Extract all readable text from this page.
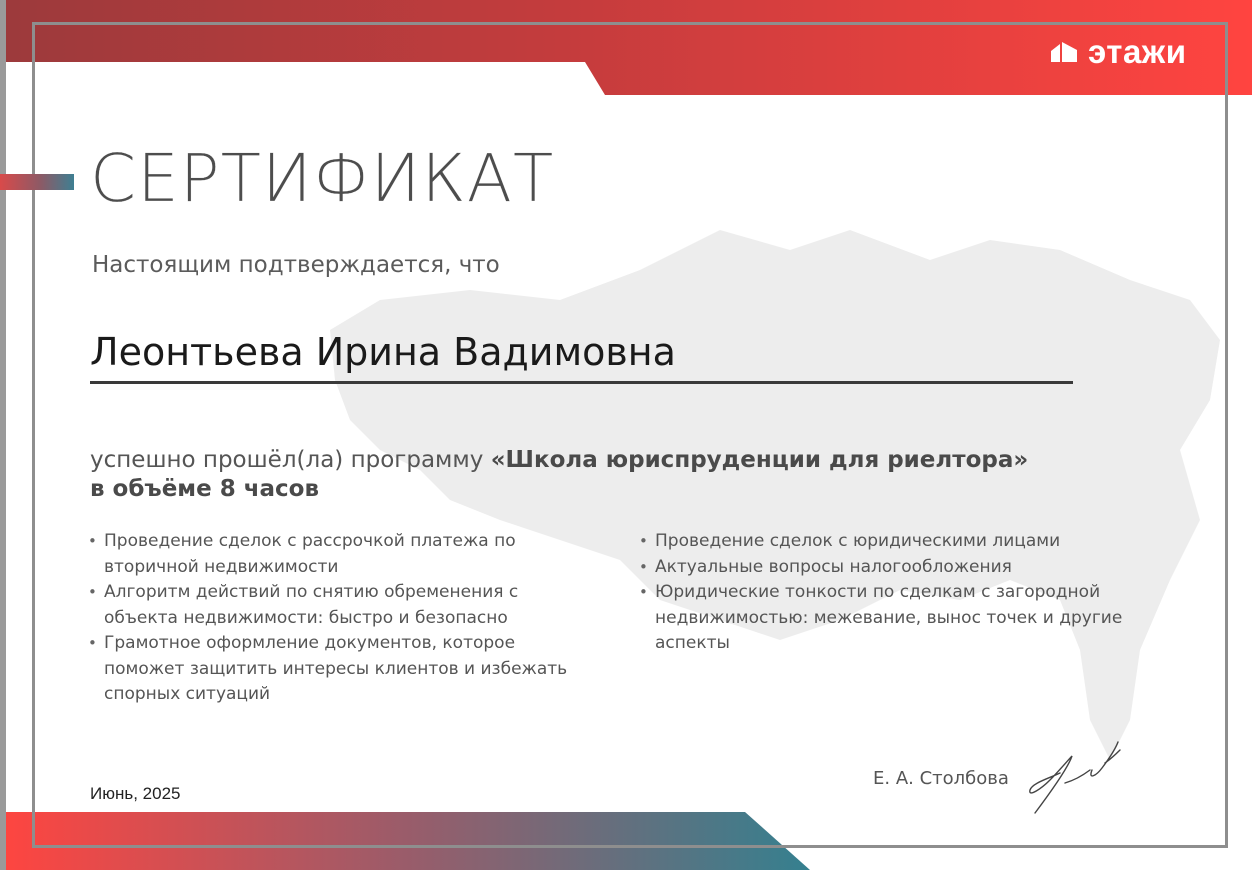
этажи
СЕРТИФИКАТ
Настоящим подтверждается, что
Леонтьева Ирина Вадимовна
успешно прошёл(ла) программу «Школа юриспруденции для риелтора»
в объёме 8 часов
• Проведение сделок с рассрочкой платежа по вторичной недвижимости
• Алгоритм действий по снятию обременения с объекта недвижимости: быстро и безопасно
• Грамотное оформление документов, которое поможет защитить интересы клиентов и избежать спорных ситуаций
• Проведение сделок с юридическими лицами
• Актуальные вопросы налогообложения
• Юридические тонкости по сделкам с загородной недвижимостью: межевание, вынос точек и другие аспекты
Июнь, 2025
Е. А. Столбова
